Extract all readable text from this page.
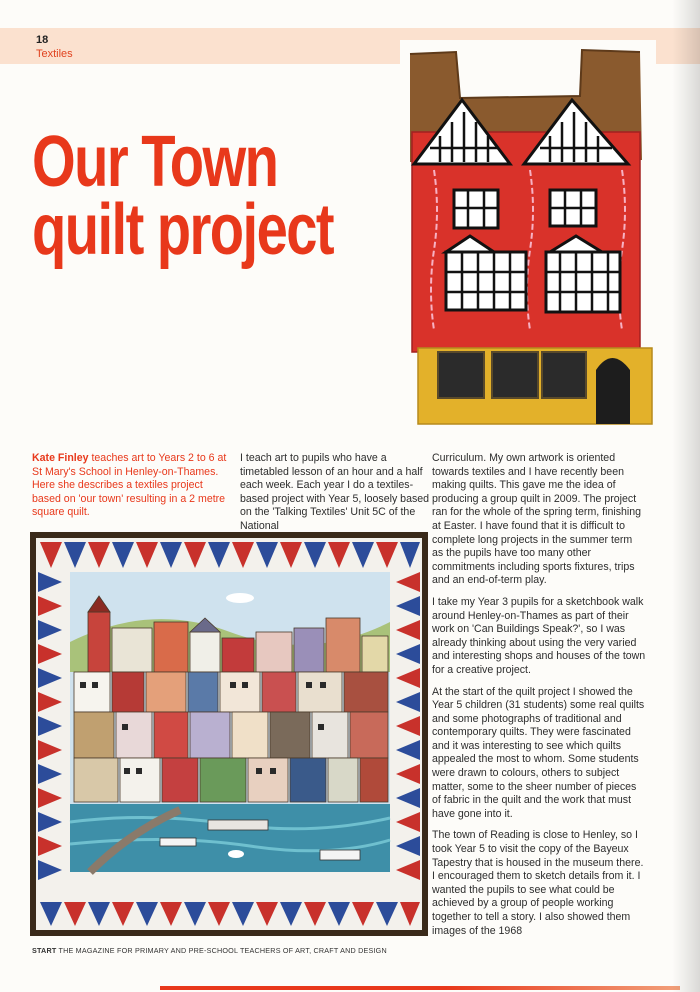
18
Textiles
Our Town
quilt project

Kate Finley teaches art to Years 2 to 6 at St Mary's School in Henley-on-Thames. Here she describes a textiles project based on 'our town' resulting in a 2 metre square quilt.

I teach art to pupils who have a timetabled lesson of an hour and a half each week. Each year I do a textiles-based project with Year 5, loosely based on the 'Talking Textiles' Unit 5C of the National

Curriculum. My own artwork is oriented towards textiles and I have recently been making quilts. This gave me the idea of producing a group quilt in 2009. The project ran for the whole of the spring term, finishing at Easter. I have found that it is difficult to complete long projects in the summer term as the pupils have too many other commitments including sports fixtures, trips and an end-of-term play.

I take my Year 3 pupils for a sketchbook walk around Henley-on-Thames as part of their work on 'Can Buildings Speak?', so I was already thinking about using the very varied and interesting shops and houses of the town for a creative project.

At the start of the quilt project I showed the Year 5 children (31 students) some real quilts and some photographs of traditional and contemporary quilts. They were fascinated and it was interesting to see which quilts appealed the most to whom. Some students were drawn to colours, others to subject matter, some to the sheer number of pieces of fabric in the quilt and the work that must have gone into it.

The town of Reading is close to Henley, so I took Year 5 to visit the copy of the Bayeux Tapestry that is housed in the museum there. I encouraged them to sketch details from it. I wanted the pupils to see what could be achieved by a group of people working together to tell a story. I also showed them images of the 1968

START THE MAGAZINE FOR PRIMARY AND PRE-SCHOOL TEACHERS OF ART, CRAFT AND DESIGN
